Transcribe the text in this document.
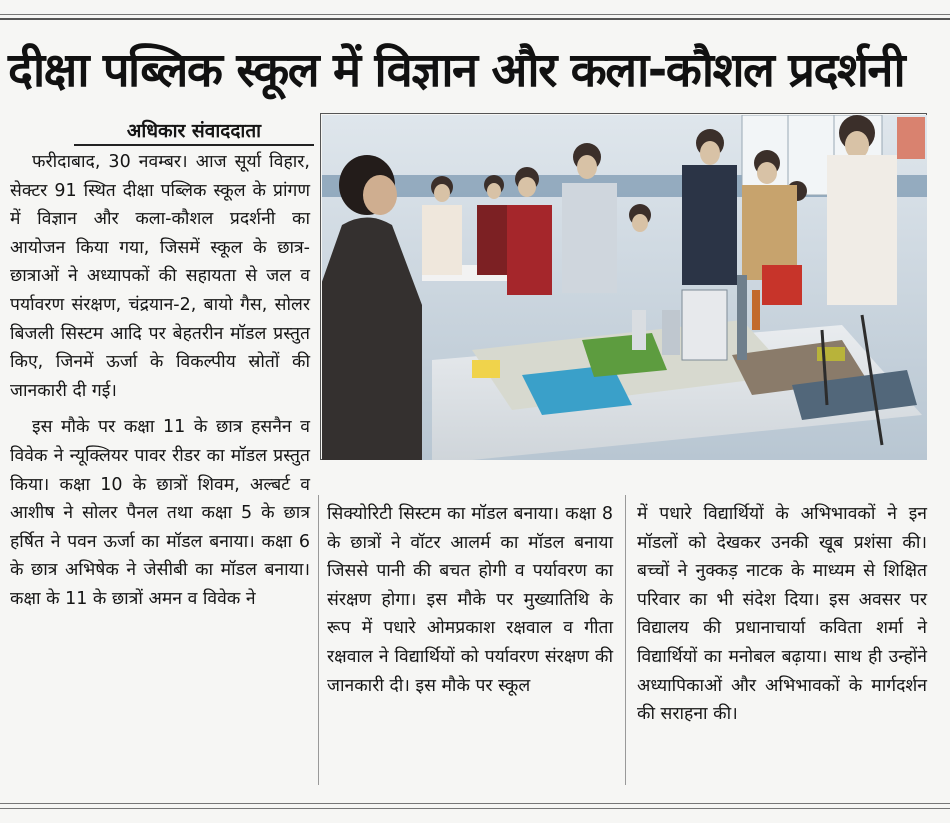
दीक्षा पब्लिक स्कूल में विज्ञान और कला-कौशल प्रदर्शनी
अधिकार संवाददाता

फरीदाबाद, 30 नवम्बर। आज सूर्या विहार, सेक्टर 91 स्थित दीक्षा पब्लिक स्कूल के प्रांगण में विज्ञान और कला-कौशल प्रदर्शनी का आयोजन किया गया, जिसमें स्कूल के छात्र-छात्राओं ने अध्यापकों की सहायता से जल व पर्यावरण संरक्षण, चंद्रयान-2, बायो गैस, सोलर बिजली सिस्टम आदि पर बेहतरीन मॉडल प्रस्तुत किए, जिनमें ऊर्जा के विकल्पीय स्रोतों की जानकारी दी गई।

इस मौके पर कक्षा 11 के छात्र हसनैन व विवेक ने न्यूक्लियर पावर रीडर का मॉडल प्रस्तुत किया। कक्षा 10 के छात्रों शिवम, अल्बर्ट व आशीष ने सोलर पैनल तथा कक्षा 5 के छात्र हर्षित ने पवन ऊर्जा का मॉडल बनाया। कक्षा 6 के छात्र अभिषेक ने जेसीबी का मॉडल बनाया। कक्षा के 11 के छात्रों अमन व विवेक ने

सिक्योरिटी सिस्टम का मॉडल बनाया। कक्षा 8 के छात्रों ने वॉटर आलर्म का मॉडल बनाया जिससे पानी की बचत होगी व पर्यावरण का संरक्षण होगा। इस मौके पर मुख्यातिथि के रूप में पधारे ओमप्रकाश रक्षवाल व गीता रक्षवाल ने विद्यार्थियों को पर्यावरण संरक्षण की जानकारी दी। इस मौके पर स्कूल

में पधारे विद्यार्थियों के अभिभावकों ने इन मॉडलों को देखकर उनकी खूब प्रशंसा की। बच्चों ने नुक्कड़ नाटक के माध्यम से शिक्षित परिवार का भी संदेश दिया। इस अवसर पर विद्यालय की प्रधानाचार्या कविता शर्मा ने विद्यार्थियों का मनोबल बढ़ाया। साथ ही उन्होंने अध्यापिकाओं और अभिभावकों के मार्गदर्शन की सराहना की।
